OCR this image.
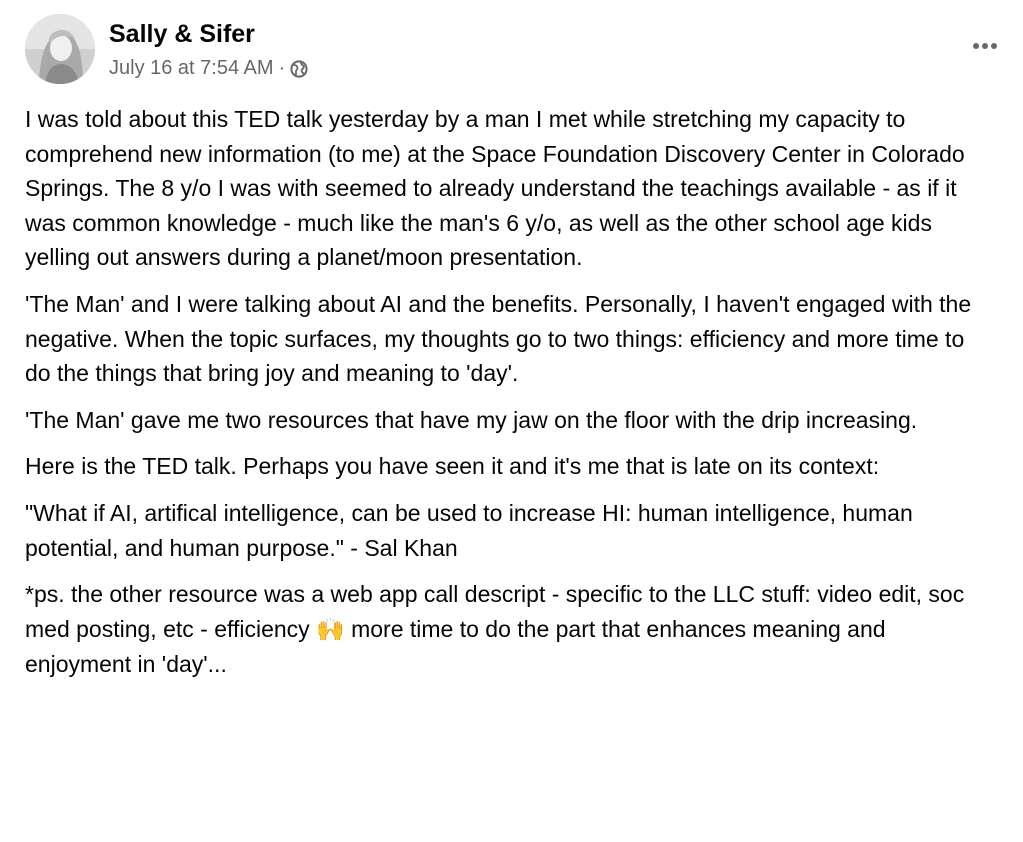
Sally & Sifer
July 16 at 7:54 AM ·

I was told about this TED talk yesterday by a man I met while stretching my capacity to comprehend new information (to me) at the Space Foundation Discovery Center in Colorado Springs. The 8 y/o I was with seemed to already understand the teachings available - as if it was common knowledge - much like the man's 6 y/o, as well as the other school age kids yelling out answers during a planet/moon presentation.

'The Man' and I were talking about AI and the benefits. Personally, I haven't engaged with the negative. When the topic surfaces, my thoughts go to two things: efficiency and more time to do the things that bring joy and meaning to 'day'.

'The Man' gave me two resources that have my jaw on the floor with the drip increasing.

Here is the TED talk. Perhaps you have seen it and it's me that is late on its context:

"What if AI, artifical intelligence, can be used to increase HI: human intelligence, human potential, and human purpose." - Sal Khan

*ps. the other resource was a web app call descript - specific to the LLC stuff: video edit, soc med posting, etc - efficiency 🙌 more time to do the part that enhances meaning and enjoyment in 'day'...
